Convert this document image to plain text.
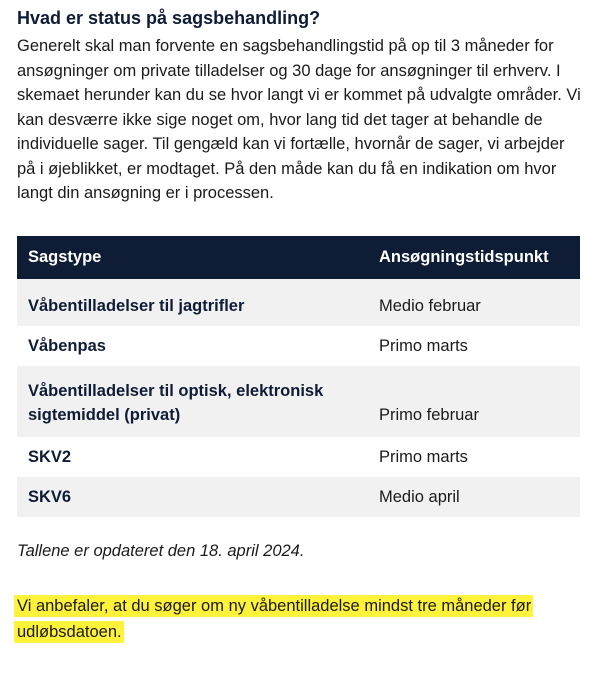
Hvad er status på sagsbehandling?

Generelt skal man forvente en sagsbehandlingstid på op til 3 måneder for ansøgninger om private tilladelser og 30 dage for ansøgninger til erhverv. I skemaet herunder kan du se hvor langt vi er kommet på udvalgte områder. Vi kan desværre ikke sige noget om, hvor lang tid det tager at behandle de individuelle sager. Til gengæld kan vi fortælle, hvornår de sager, vi arbejder på i øjeblikket, er modtaget. På den måde kan du få en indikation om hvor langt din ansøgning er i processen.

Sagstype	Ansøgningstidspunkt
Våbentilladelser til jagtrifler	Medio februar
Våbenpas	Primo marts
Våbentilladelser til optisk, elektronisk sigtemiddel (privat)	Primo februar
SKV2	Primo marts
SKV6	Medio april

Tallene er opdateret den 18. april 2024.

Vi anbefaler, at du søger om ny våbentilladelse mindst tre måneder før udløbsdatoen.
